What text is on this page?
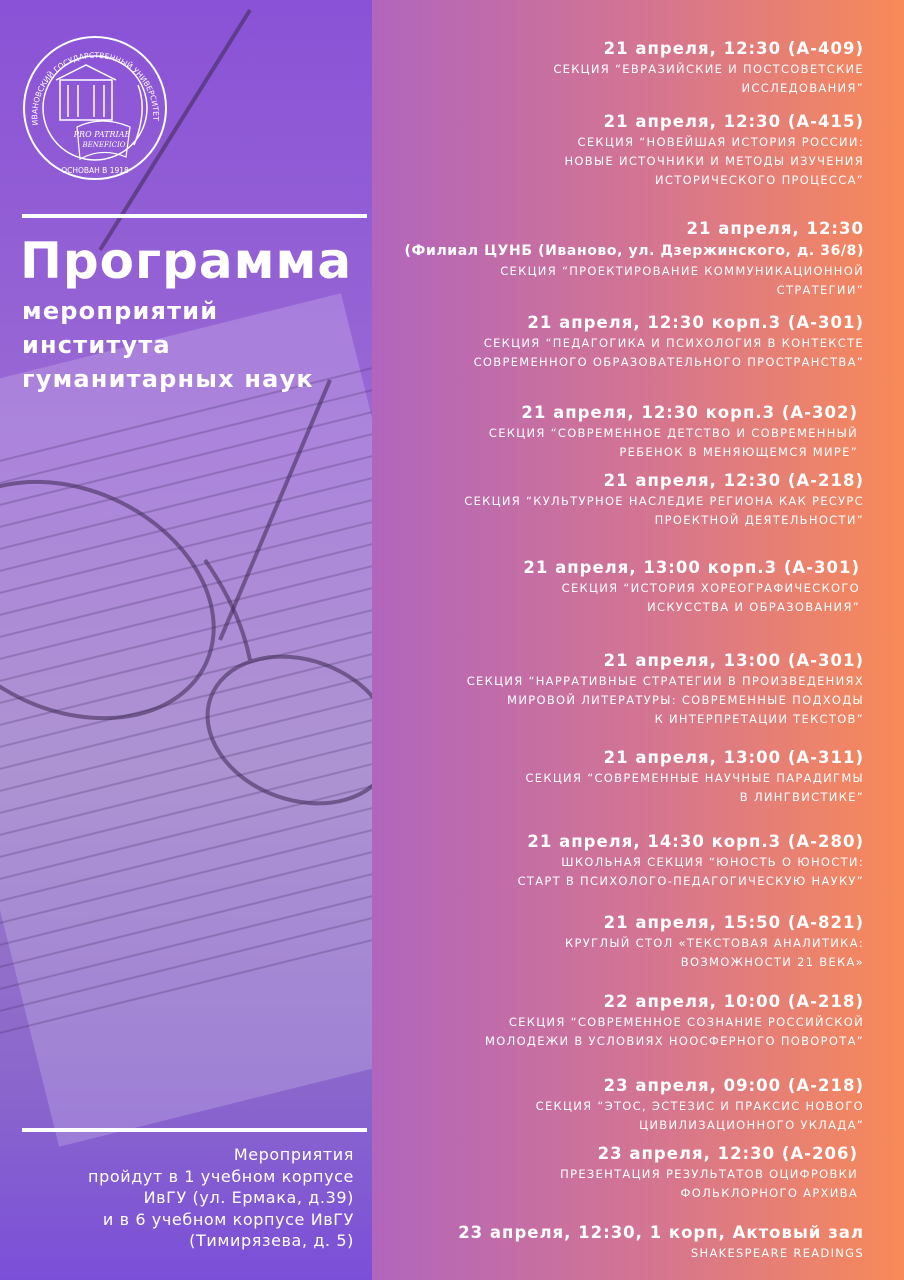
ИВАНОВСКИЙ ГОСУДАРСТВЕННЫЙ УНИВЕРСИТЕТ
PRO PATRIAE
BENEFICIO
ОСНОВАН В 1918
Программа
мероприятий
института
гуманитарных наук
Мероприятия
пройдут в 1 учебном корпусе
ИвГУ (ул. Ермака, д.39)
и в 6 учебном корпусе ИвГУ
(Тимирязева, д. 5)
21 апреля, 12:30 (А-409)
СЕКЦИЯ “ЕВРАЗИЙСКИЕ И ПОСТСОВЕТСКИЕ
ИССЛЕДОВАНИЯ”
21 апреля, 12:30 (А-415)
СЕКЦИЯ “НОВЕЙШАЯ ИСТОРИЯ РОССИИ:
НОВЫЕ ИСТОЧНИКИ И МЕТОДЫ ИЗУЧЕНИЯ
ИСТОРИЧЕСКОГО ПРОЦЕССА”
21 апреля, 12:30
(Филиал ЦУНБ (Иваново, ул. Дзержинского, д. 36/8)
СЕКЦИЯ “ПРОЕКТИРОВАНИЕ КОММУНИКАЦИОННОЙ
СТРАТЕГИИ”
21 апреля, 12:30 корп.3 (А-301)
СЕКЦИЯ “ПЕДАГОГИКА И ПСИХОЛОГИЯ В КОНТЕКСТЕ
СОВРЕМЕННОГО ОБРАЗОВАТЕЛЬНОГО ПРОСТРАНСТВА”
21 апреля, 12:30 корп.3 (А-302)
СЕКЦИЯ “СОВРЕМЕННОЕ ДЕТСТВО И СОВРЕМЕННЫЙ
РЕБЕНОК В МЕНЯЮЩЕМСЯ МИРЕ”
21 апреля, 12:30 (А-218)
СЕКЦИЯ “КУЛЬТУРНОЕ НАСЛЕДИЕ РЕГИОНА КАК РЕСУРС
ПРОЕКТНОЙ ДЕЯТЕЛЬНОСТИ”
21 апреля, 13:00 корп.3 (А-301)
СЕКЦИЯ “ИСТОРИЯ ХОРЕОГРАФИЧЕСКОГО
ИСКУССТВА И ОБРАЗОВАНИЯ”
21 апреля, 13:00 (А-301)
СЕКЦИЯ “НАРРАТИВНЫЕ СТРАТЕГИИ В ПРОИЗВЕДЕНИЯХ
МИРОВОЙ ЛИТЕРАТУРЫ: СОВРЕМЕННЫЕ ПОДХОДЫ
К ИНТЕРПРЕТАЦИИ ТЕКСТОВ”
21 апреля, 13:00 (А-311)
СЕКЦИЯ “СОВРЕМЕННЫЕ НАУЧНЫЕ ПАРАДИГМЫ
В ЛИНГВИСТИКЕ”
21 апреля, 14:30 корп.3 (А-280)
ШКОЛЬНАЯ СЕКЦИЯ “ЮНОСТЬ О ЮНОСТИ:
СТАРТ В ПСИХОЛОГО-ПЕДАГОГИЧЕСКУЮ НАУКУ”
21 апреля, 15:50 (А-821)
КРУГЛЫЙ СТОЛ «ТЕКСТОВАЯ АНАЛИТИКА:
ВОЗМОЖНОСТИ 21 ВЕКА»
22 апреля, 10:00 (А-218)
СЕКЦИЯ “СОВРЕМЕННОЕ СОЗНАНИЕ РОССИЙСКОЙ
МОЛОДЕЖИ В УСЛОВИЯХ НООСФЕРНОГО ПОВОРОТА”
23 апреля, 09:00 (А-218)
СЕКЦИЯ “ЭТОС, ЭСТЕЗИС И ПРАКСИС НОВОГО
ЦИВИЛИЗАЦИОННОГО УКЛАДА”
23 апреля, 12:30 (А-206)
ПРЕЗЕНТАЦИЯ РЕЗУЛЬТАТОВ ОЦИФРОВКИ
ФОЛЬКЛОРНОГО АРХИВА
23 апреля, 12:30, 1 корп, Актовый зал
SHAKESPEARE READINGS
